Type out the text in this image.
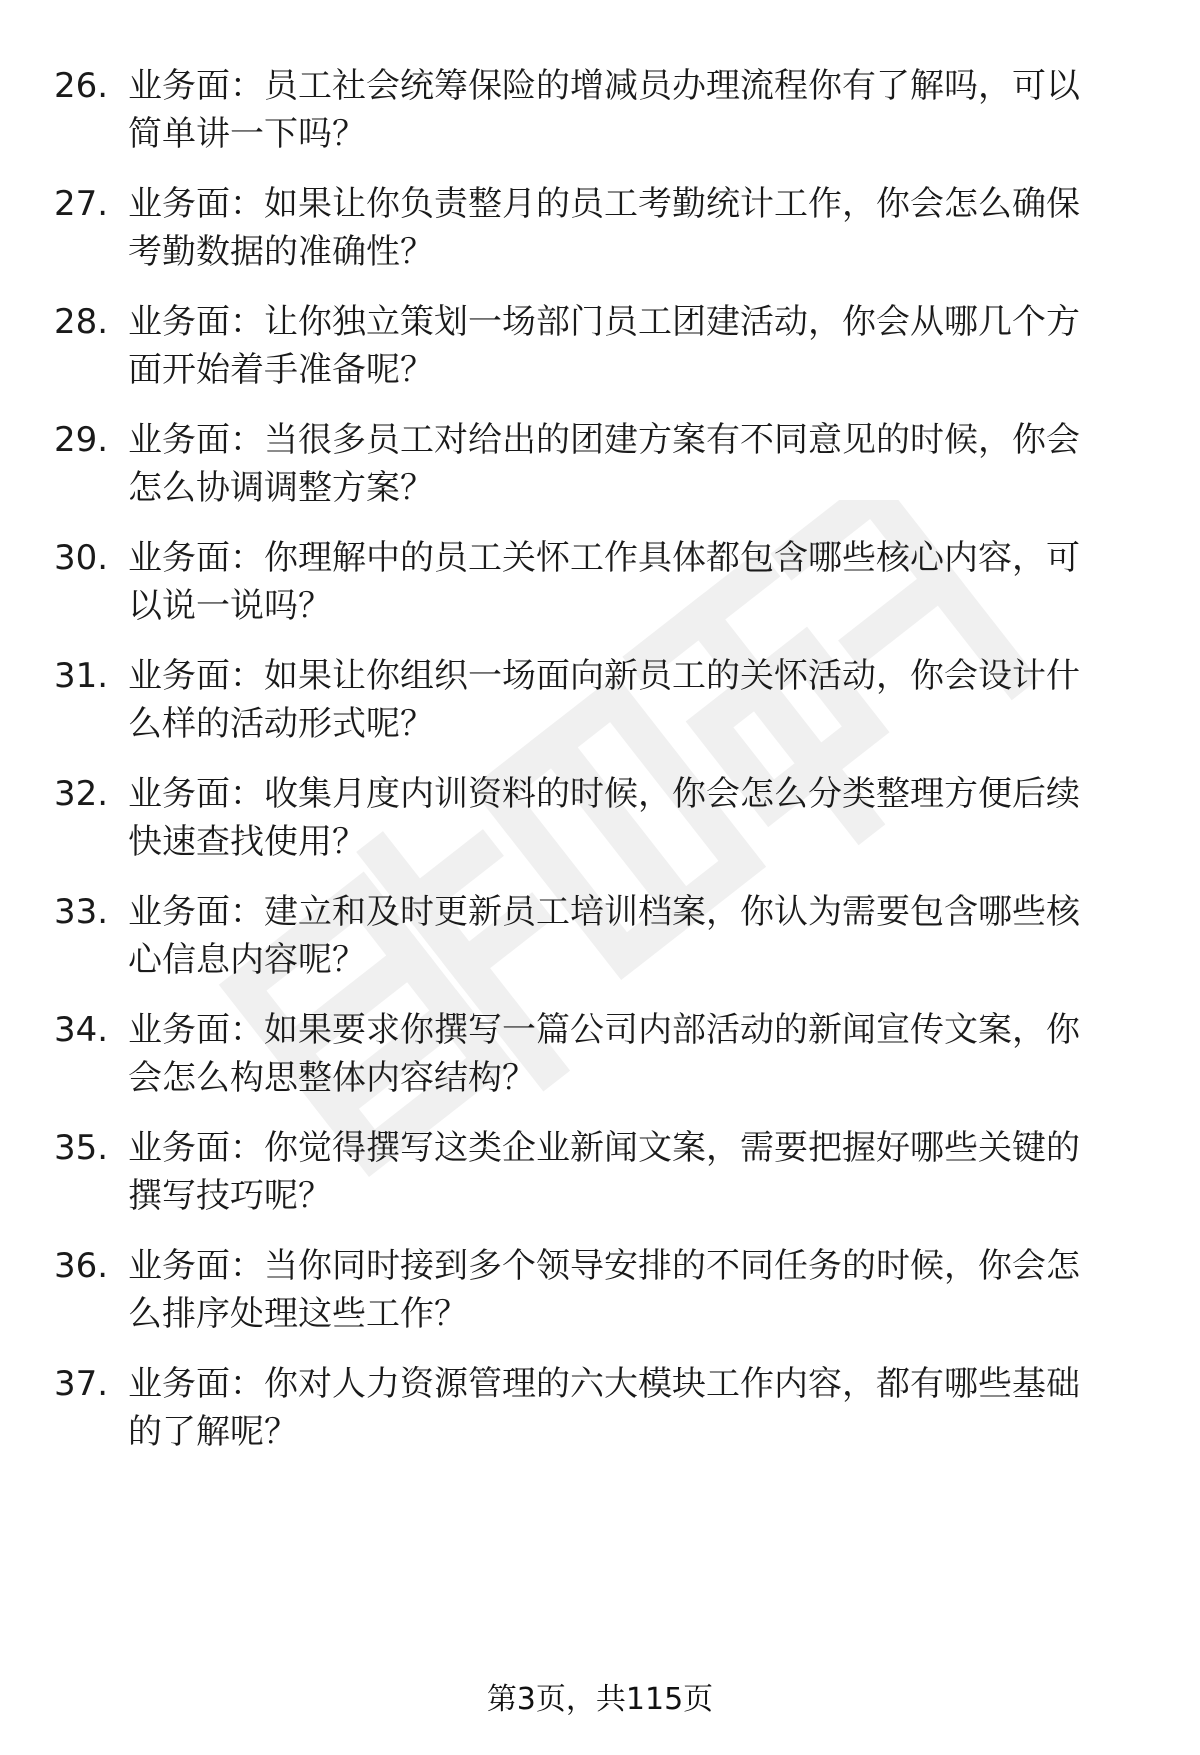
26. 业务面：员工社会统筹保险的增减员办理流程你有了解吗，可以
简单讲一下吗？
27. 业务面：如果让你负责整月的员工考勤统计工作，你会怎么确保
考勤数据的准确性？
28. 业务面：让你独立策划一场部门员工团建活动，你会从哪几个方
面开始着手准备呢？
29. 业务面：当很多员工对给出的团建方案有不同意见的时候，你会
怎么协调调整方案？
30. 业务面：你理解中的员工关怀工作具体都包含哪些核心内容，可
以说一说吗？
31. 业务面：如果让你组织一场面向新员工的关怀活动，你会设计什
么样的活动形式呢？
32. 业务面：收集月度内训资料的时候，你会怎么分类整理方便后续
快速查找使用？
33. 业务面：建立和及时更新员工培训档案，你认为需要包含哪些核
心信息内容呢？
34. 业务面：如果要求你撰写一篇公司内部活动的新闻宣传文案，你
会怎么构思整体内容结构？
35. 业务面：你觉得撰写这类企业新闻文案，需要把握好哪些关键的
撰写技巧呢？
36. 业务面：当你同时接到多个领导安排的不同任务的时候，你会怎
么排序处理这些工作？
37. 业务面：你对人力资源管理的六大模块工作内容，都有哪些基础
的了解呢？
第3页，共115页
